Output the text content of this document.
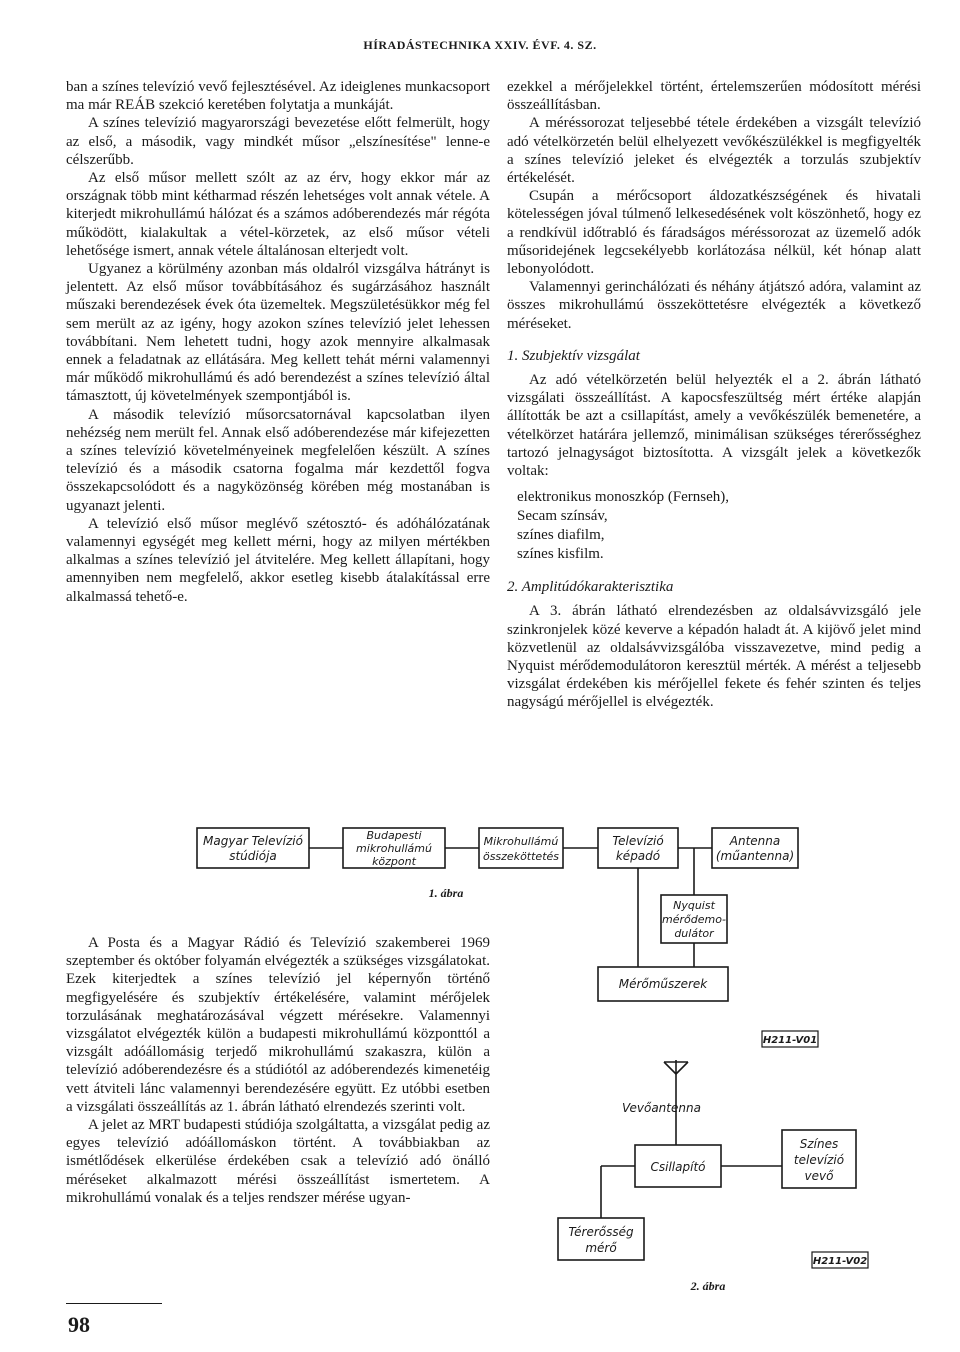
HÍRADÁSTECHNIKA XXIV. ÉVF. 4. SZ.

ban a színes televízió vevő fejlesztésével. Az ideiglenes munkacsoport ma már REÁB szekció keretében folytatja a munkáját.

A színes televízió magyarországi bevezetése előtt felmerült, hogy az első, a második, vagy mindkét műsor „elszínesítése" lenne-e célszerűbb.

Az első műsor mellett szólt az az érv, hogy ekkor már az országnak több mint kétharmad részén lehetséges volt annak vétele. A kiterjedt mikrohullámú hálózat és a számos adóberendezés már régóta működött, kialakultak a vétel-körzetek, az első műsor vételi lehetősége ismert, annak vétele általánosan elterjedt volt.

Ugyanez a körülmény azonban más oldalról vizsgálva hátrányt is jelentett. Az első műsor továbbításához és sugárzásához használt műszaki berendezések évek óta üzemeltek. Megszületésükkor még fel sem merült az az igény, hogy azokon színes televízió jelet lehessen továbbítani. Nem lehetett tudni, hogy azok mennyire alkalmasak ennek a feladatnak az ellátására. Meg kellett tehát mérni valamennyi már működő mikrohullámú és adó berendezést a színes televízió által támasztott, új követelmények szempontjából is.

A második televízió műsorcsatornával kapcsolatban ilyen nehézség nem merült fel. Annak első adóberendezése már kifejezetten a színes televízió követelményeinek megfelelően készült. A színes televízió és a második csatorna fogalma már kezdettől fogva összekapcsolódott és a nagyközönség körében még mostanában is ugyanazt jelenti.

A televízió első műsor meglévő szétosztó- és adóhálózatának valamennyi egységét meg kellett mérni, hogy az milyen mértékben alkalmas a színes televízió jel átvitelére. Meg kellett állapítani, hogy amennyiben nem megfelelő, akkor esetleg kisebb átalakítással erre alkalmassá tehető-e.

ezekkel a mérőjelekkel történt, értelemszerűen módosított mérési összeállításban.

A méréssorozat teljesebbé tétele érdekében a vizsgált televízió adó vételkörzetén belül elhelyezett vevőkészülékkel is megfigyelték a színes televízió jeleket és elvégezték a torzulás szubjektív értékelését.

Csupán a mérőcsoport áldozatkészségének és hivatali kötelességen jóval túlmenő lelkesedésének volt köszönhető, hogy ez a rendkívül időtrabló és fáradságos méréssorozat az üzemelő adók műsoridejének legcsekélyebb korlátozása nélkül, két hónap alatt lebonyolódott.

Valamennyi gerinchálózati és néhány átjátszó adóra, valamint az összes mikrohullámú összeköttetésre elvégezték a következő méréseket.

1. Szubjektív vizsgálat

Az adó vételkörzetén belül helyezték el a 2. ábrán látható vizsgálati összeállítást. A kapocsfeszültség mért értéke alapján állították be azt a csillapítást, amely a vevőkészülék bemenetére, a vételkörzet határára jellemző, minimálisan szükséges térerősséghez tartozó jelnagyságot biztosította. A vizsgált jelek a következők voltak:

elektronikus monoszkóp (Fernseh),
Secam színsáv,
színes diafilm,
színes kisfilm.

2. Amplitúdókarakterisztika

A 3. ábrán látható elrendezésben az oldalsávvizsgáló jele szinkronjelek közé keverve a képadón haladt át. A kijövő jelet mind közvetlenül az oldalsávvizsgálóba visszavezetve, mind pedig a Nyquist mérődemodulátoron keresztül mérték. A mérést a teljesebb vizsgálat érdekében kis mérőjellel fekete és fehér szinten és teljes nagyságú mérőjellel is elvégezték.

Magyar Televízió
stúdiója
Budapesti
mikrohullámú
központ
Mikrohullámú
összeköttetés
Televízió
képadó
Antenna
(műantenna)
Nyquist
mérődemo-
dulátor
Mérőműszerek
H211-V01
1. ábra

A Posta és a Magyar Rádió és Televízió szakemberei 1969 szeptember és október folyamán elvégezték a szükséges vizsgálatokat. Ezek kiterjedtek a színes televízió jel képernyőn történő megfigyelésére és szubjektív értékelésére, valamint mérőjelek torzulásának meghatározásával végzett mérésekre. Valamennyi vizsgálatot elvégezték külön a budapesti mikrohullámú központtól a vizsgált adóállomásig terjedő mikrohullámú szakaszra, külön a televízió adóberendezésre és a stúdiótól az adóberendezés kimenetéig vett átviteli lánc valamennyi berendezésére együtt. Ez utóbbi esetben a vizsgálati összeállítás az 1. ábrán látható elrendezés szerinti volt.

A jelet az MRT budapesti stúdiója szolgáltatta, a vizsgálat pedig az egyes televízió adóállomáskon történt. A továbbiakban az ismétlődések elkerülése érdekében csak a televízió adó önálló méréseket alkalmazott mérési összeállítást ismertetem. A mikrohullámú vonalak és a teljes rendszer mérése ugyan-

Vevőantenna
Csillapító
Színes
televízió
vevő
Térerősség
mérő
H211-V02
2. ábra
98
